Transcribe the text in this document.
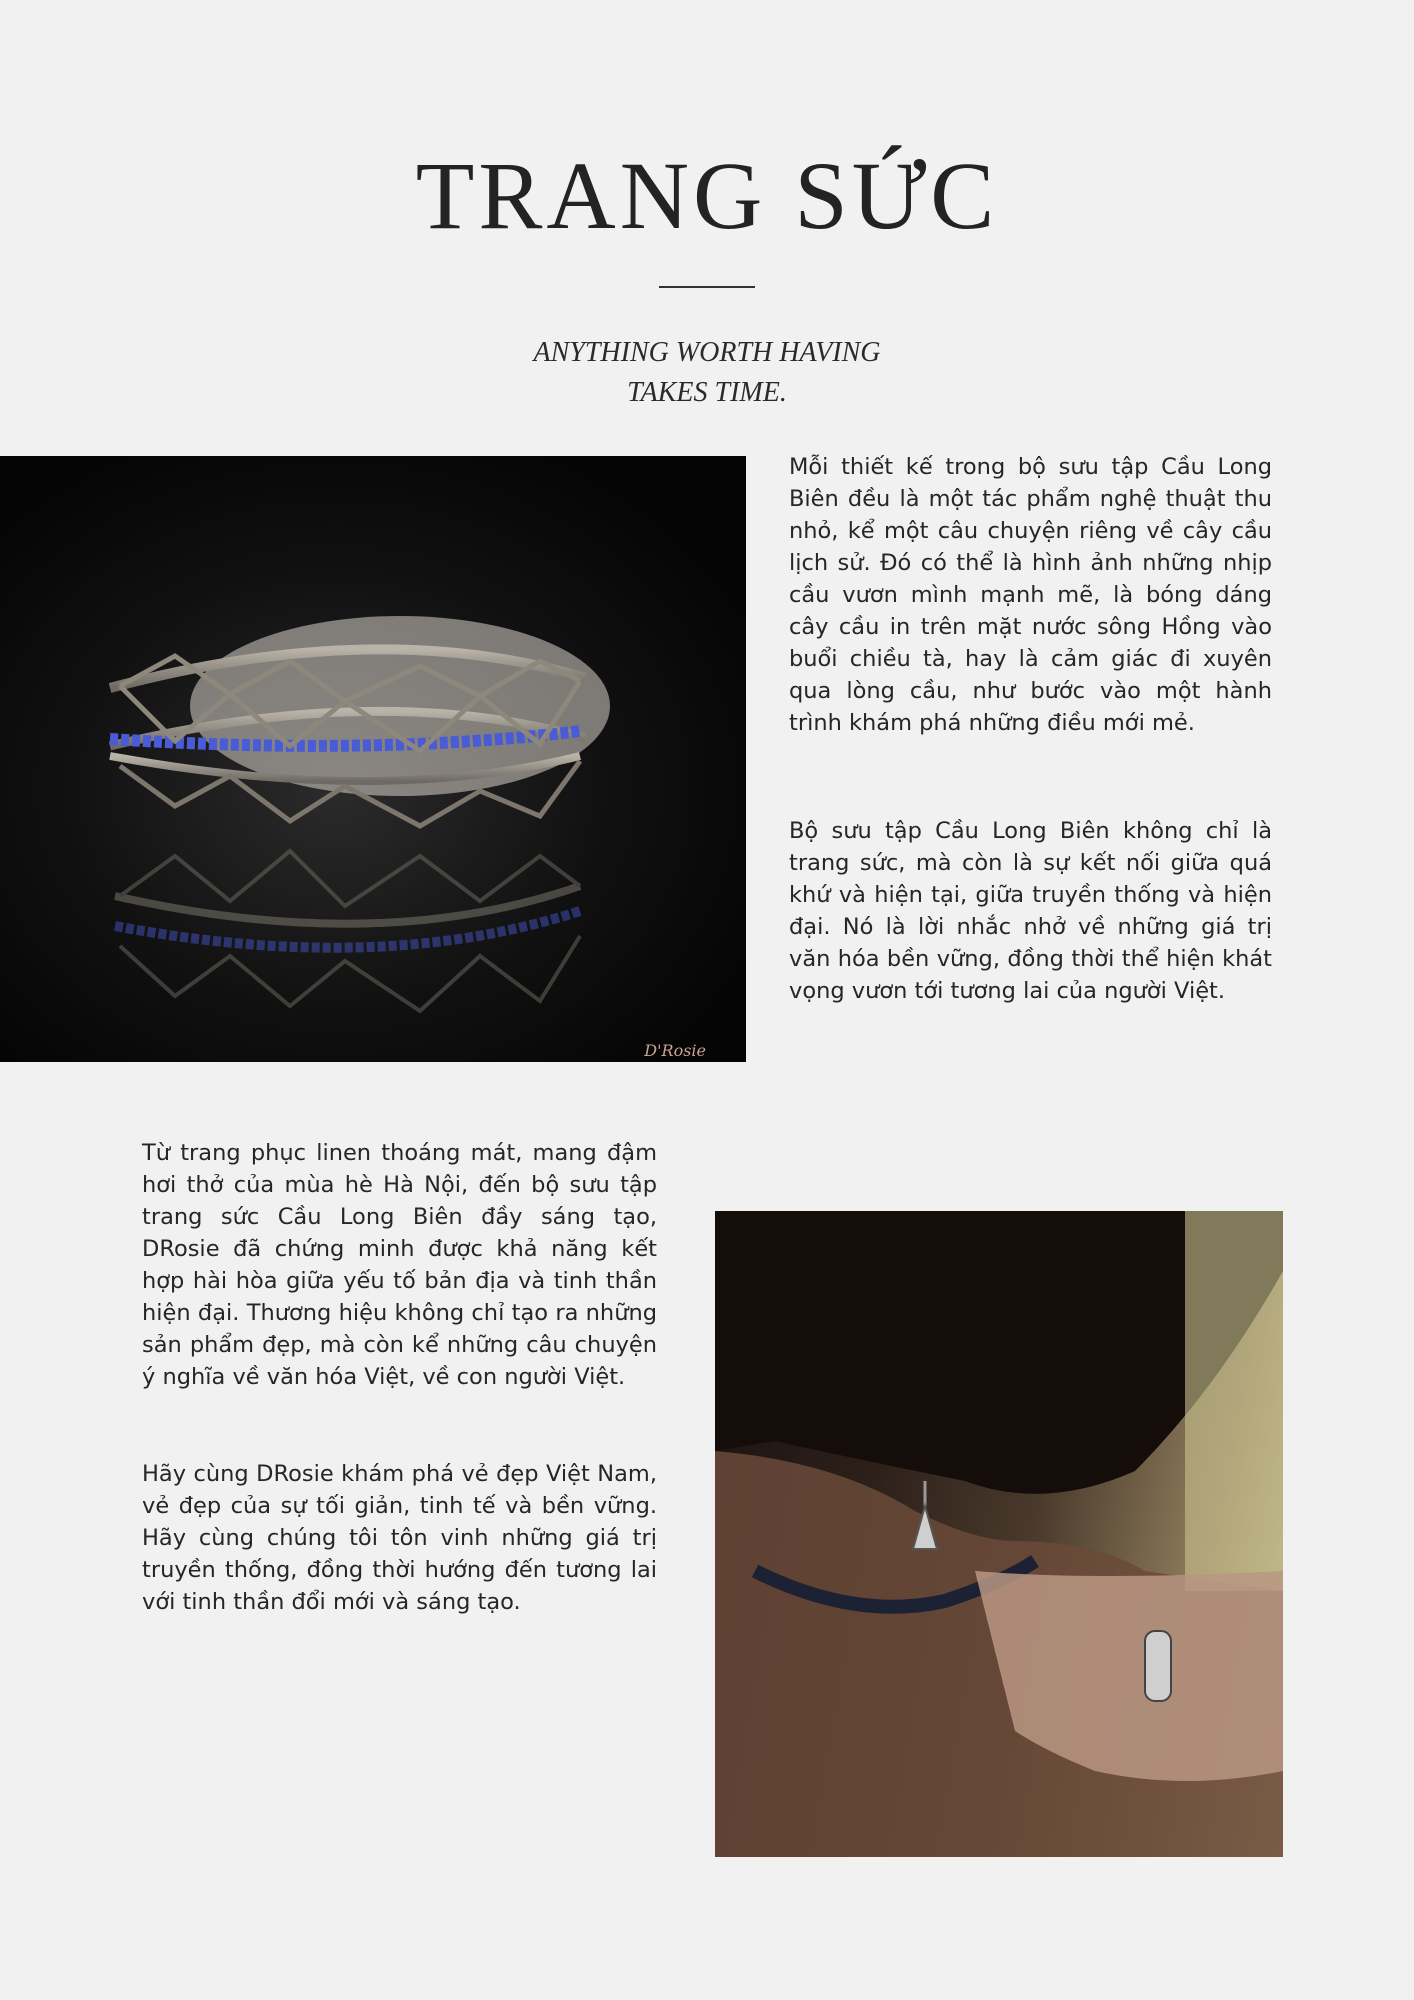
TRANG SỨC

ANYTHING WORTH HAVING
TAKES TIME.

D'Rosie

Mỗi thiết kế trong bộ sưu tập Cầu Long Biên đều là một tác phẩm nghệ thuật thu nhỏ, kể một câu chuyện riêng về cây cầu lịch sử. Đó có thể là hình ảnh những nhịp cầu vươn mình mạnh mẽ, là bóng dáng cây cầu in trên mặt nước sông Hồng vào buổi chiều tà, hay là cảm giác đi xuyên qua lòng cầu, như bước vào một hành trình khám phá những điều mới mẻ.

Bộ sưu tập Cầu Long Biên không chỉ là trang sức, mà còn là sự kết nối giữa quá khứ và hiện tại, giữa truyền thống và hiện đại. Nó là lời nhắc nhở về những giá trị văn hóa bền vững, đồng thời thể hiện khát vọng vươn tới tương lai của người Việt.

Từ trang phục linen thoáng mát, mang đậm hơi thở của mùa hè Hà Nội, đến bộ sưu tập trang sức Cầu Long Biên đầy sáng tạo, DRosie đã chứng minh được khả năng kết hợp hài hòa giữa yếu tố bản địa và tinh thần hiện đại. Thương hiệu không chỉ tạo ra những sản phẩm đẹp, mà còn kể những câu chuyện ý nghĩa về văn hóa Việt, về con người Việt.

Hãy cùng DRosie khám phá vẻ đẹp Việt Nam, vẻ đẹp của sự tối giản, tinh tế và bền vững. Hãy cùng chúng tôi tôn vinh những giá trị truyền thống, đồng thời hướng đến tương lai với tinh thần đổi mới và sáng tạo.
